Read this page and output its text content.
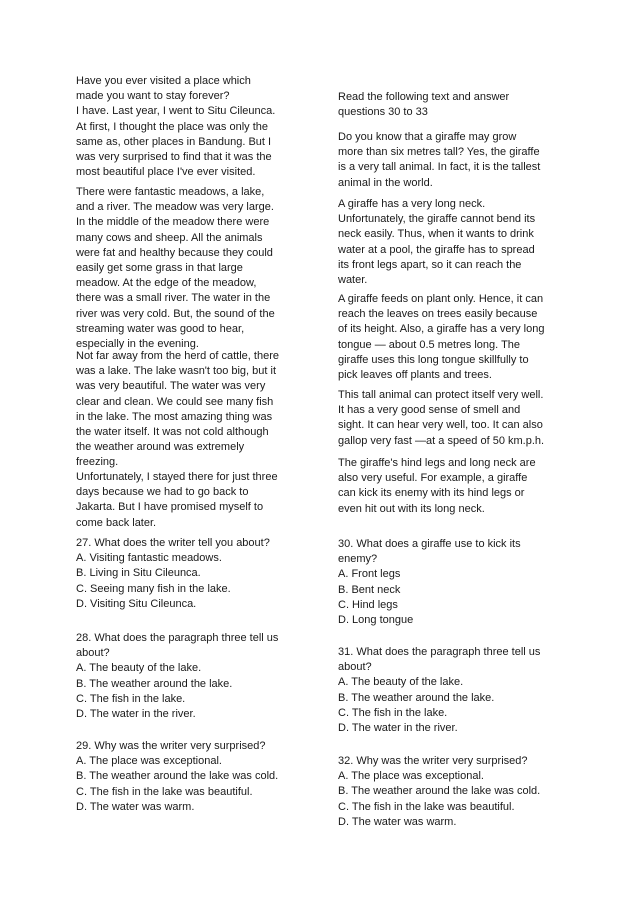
Have you ever visited a place which
made you want to stay forever?
I have. Last year, I went to Situ Cileunca.
At first, I thought the place was only the
same as, other places in Bandung. But I
was very surprised to find that it was the
most beautiful place I've ever visited.
There were fantastic meadows, a lake,
and a river. The meadow was very large.
In the middle of the meadow there were
many cows and sheep. All the animals
were fat and healthy because they could
easily get some grass in that large
meadow. At the edge of the meadow,
there was a small river. The water in the
river was very cold. But, the sound of the
streaming water was good to hear,
especially in the evening.
Not far away from the herd of cattle, there
was a lake. The lake wasn't too big, but it
was very beautiful. The water was very
clear and clean. We could see many fish
in the lake. The most amazing thing was
the water itself. It was not cold although
the weather around was extremely
freezing.
Unfortunately, I stayed there for just three
days because we had to go back to
Jakarta. But I have promised myself to
come back later.
27. What does the writer tell you about?
A. Visiting fantastic meadows.
B. Living in Situ Cileunca.
C. Seeing many fish in the lake.
D. Visiting Situ Cileunca.
28. What does the paragraph three tell us
about?
A. The beauty of the lake.
B. The weather around the lake.
C. The fish in the lake.
D. The water in the river.
29. Why was the writer very surprised?
A. The place was exceptional.
B. The weather around the lake was cold.
C. The fish in the lake was beautiful.
D. The water was warm.
Read the following text and answer
questions 30 to 33
Do you know that a giraffe may grow
more than six metres tall? Yes, the giraffe
is a very tall animal. In fact, it is the tallest
animal in the world.
A giraffe has a very long neck.
Unfortunately, the giraffe cannot bend its
neck easily. Thus, when it wants to drink
water at a pool, the giraffe has to spread
its front legs apart, so it can reach the
water.
A giraffe feeds on plant only. Hence, it can
reach the leaves on trees easily because
of its height. Also, a giraffe has a very long
tongue — about 0.5 metres long. The
giraffe uses this long tongue skillfully to
pick leaves off plants and trees.
This tall animal can protect itself very well.
It has a very good sense of smell and
sight. It can hear very well, too. It can also
gallop very fast —at a speed of 50 km.p.h.
The giraffe's hind legs and long neck are
also very useful. For example, a giraffe
can kick its enemy with its hind legs or
even hit out with its long neck.
30. What does a giraffe use to kick its
enemy?
A. Front legs
B. Bent neck
C. Hind legs
D. Long tongue
31. What does the paragraph three tell us
about?
A. The beauty of the lake.
B. The weather around the lake.
C. The fish in the lake.
D. The water in the river.
32. Why was the writer very surprised?
A. The place was exceptional.
B. The weather around the lake was cold.
C. The fish in the lake was beautiful.
D. The water was warm.
